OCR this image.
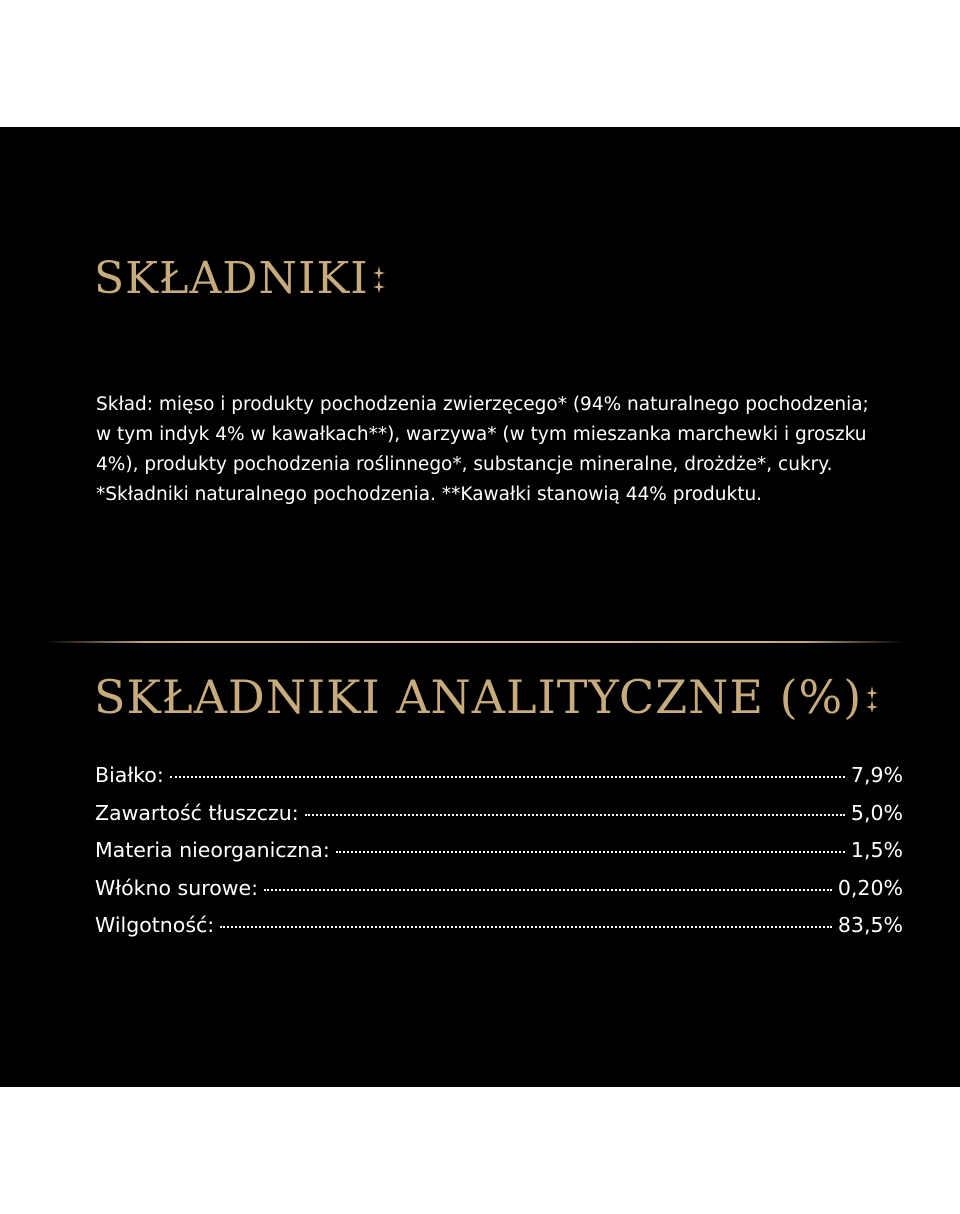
SKŁADNIKI

Skład: mięso i produkty pochodzenia zwierzęcego* (94% naturalnego pochodzenia; w tym indyk 4% w kawałkach**), warzywa* (w tym mieszanka marchewki i groszku 4%), produkty pochodzenia roślinnego*, substancje mineralne, drożdże*, cukry.

*Składniki naturalnego pochodzenia. **Kawałki stanowią 44% produktu.

SKŁADNIKI ANALITYCZNE (%)
Białko:	7,9%
Zawartość tłuszczu:	5,0%
Materia nieorganiczna:	1,5%
Włókno surowe:	0,20%
Wilgotność:	83,5%
